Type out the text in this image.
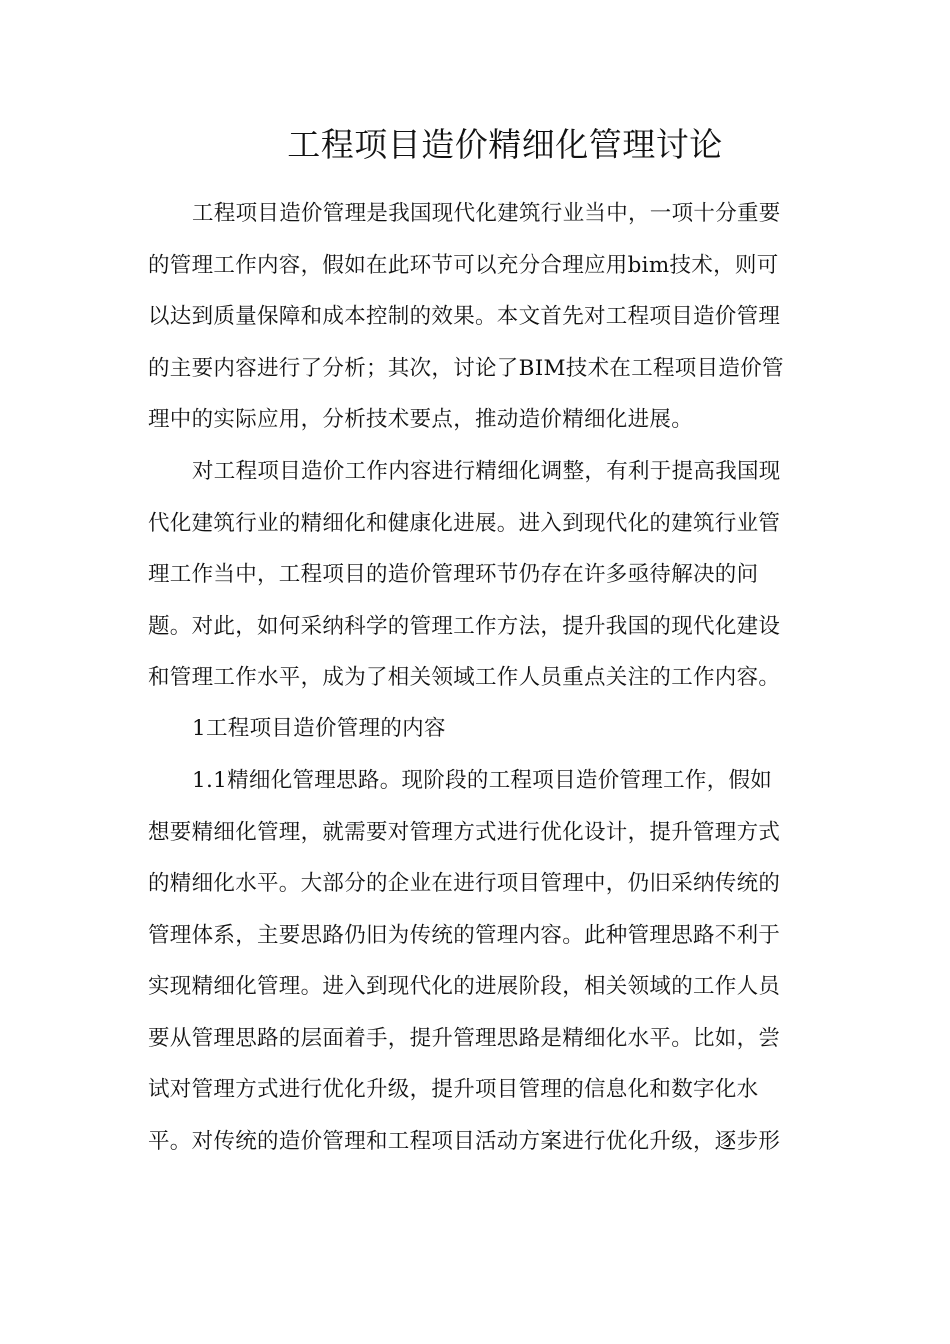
工程项目造价精细化管理讨论
工程项目造价管理是我国现代化建筑行业当中，一项十分重要
的管理工作内容，假如在此环节可以充分合理应用bim技术，则可
以达到质量保障和成本控制的效果。本文首先对工程项目造价管理
的主要内容进行了分析；其次，讨论了BIM技术在工程项目造价管
理中的实际应用，分析技术要点，推动造价精细化进展。
对工程项目造价工作内容进行精细化调整，有利于提高我国现
代化建筑行业的精细化和健康化进展。进入到现代化的建筑行业管
理工作当中，工程项目的造价管理环节仍存在许多亟待解决的问
题。对此，如何采纳科学的管理工作方法，提升我国的现代化建设
和管理工作水平，成为了相关领域工作人员重点关注的工作内容。
1工程项目造价管理的内容
1.1精细化管理思路。现阶段的工程项目造价管理工作，假如
想要精细化管理，就需要对管理方式进行优化设计，提升管理方式
的精细化水平。大部分的企业在进行项目管理中，仍旧采纳传统的
管理体系，主要思路仍旧为传统的管理内容。此种管理思路不利于
实现精细化管理。进入到现代化的进展阶段，相关领域的工作人员
要从管理思路的层面着手，提升管理思路是精细化水平。比如，尝
试对管理方式进行优化升级，提升项目管理的信息化和数字化水
平。对传统的造价管理和工程项目活动方案进行优化升级，逐步形
